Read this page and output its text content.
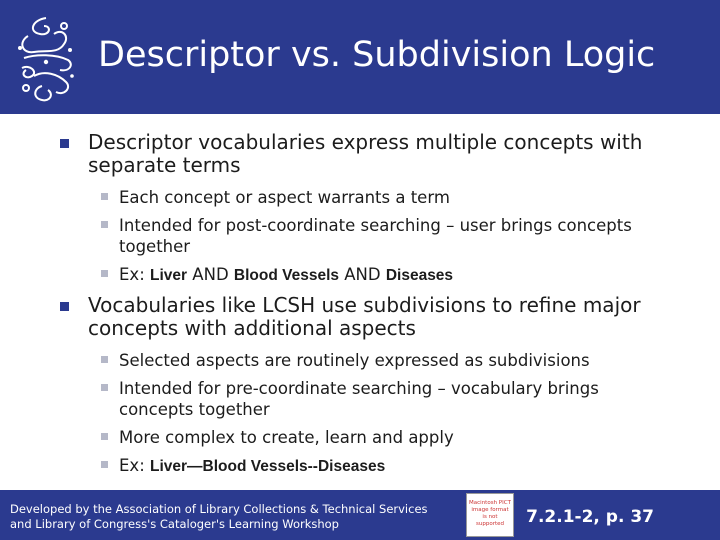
Descriptor vs. Subdivision Logic
Descriptor vocabularies express multiple concepts with separate terms
Each concept or aspect warrants a term
Intended for post-coordinate searching – user brings concepts together
Ex: Liver AND Blood Vessels AND Diseases
Vocabularies like LCSH use subdivisions to refine major concepts with additional aspects
Selected aspects are routinely expressed as subdivisions
Intended for pre-coordinate searching – vocabulary brings concepts together
More complex to create, learn and apply
Ex: Liver—Blood Vessels--Diseases
Developed by the Association of Library Collections & Technical Services and Library of Congress's Cataloger's Learning Workshop
Macintosh PICT image format is not supported	7.2.1-2, p. 37
